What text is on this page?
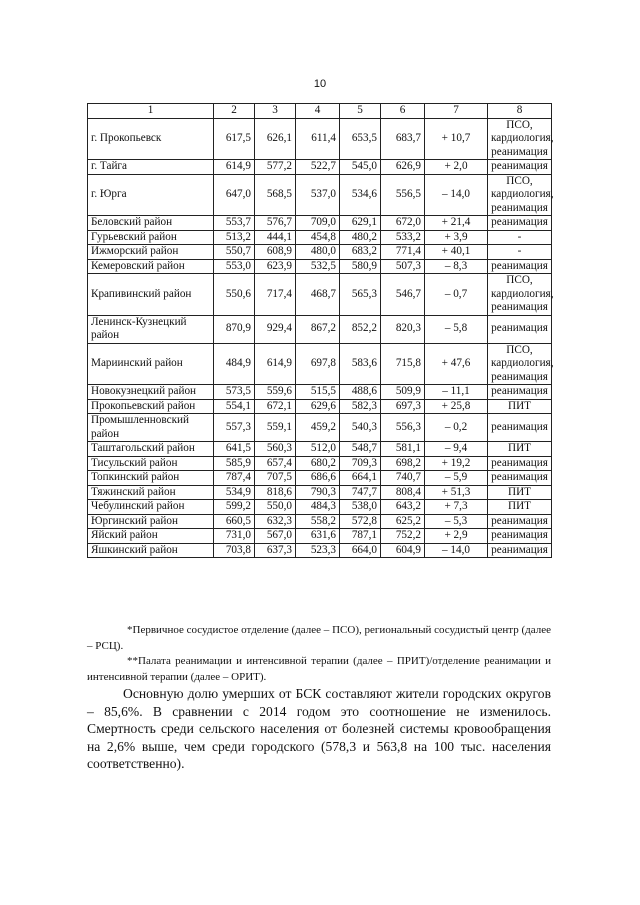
10
1	2	3	4	5	6	7	8
г. Прокопьевск	617,5	626,1	611,4	653,5	683,7	+ 10,7	ПСО, кардиология, реанимация
г. Тайга	614,9	577,2	522,7	545,0	626,9	+ 2,0	реанимация
г. Юрга	647,0	568,5	537,0	534,6	556,5	– 14,0	ПСО, кардиология, реанимация
Беловский район	553,7	576,7	709,0	629,1	672,0	+ 21,4	реанимация
Гурьевский район	513,2	444,1	454,8	480,2	533,2	+ 3,9	-
Ижморский район	550,7	608,9	480,0	683,2	771,4	+ 40,1	-
Кемеровский район	553,0	623,9	532,5	580,9	507,3	– 8,3	реанимация
Крапивинский район	550,6	717,4	468,7	565,3	546,7	– 0,7	ПСО, кардиология, реанимация
Ленинск-Кузнецкий район	870,9	929,4	867,2	852,2	820,3	– 5,8	реанимация
Мариинский район	484,9	614,9	697,8	583,6	715,8	+ 47,6	ПСО, кардиология, реанимация
Новокузнецкий район	573,5	559,6	515,5	488,6	509,9	– 11,1	реанимация
Прокопьевский район	554,1	672,1	629,6	582,3	697,3	+ 25,8	ПИТ
Промышленновский район	557,3	559,1	459,2	540,3	556,3	– 0,2	реанимация
Таштагольский район	641,5	560,3	512,0	548,7	581,1	– 9,4	ПИТ
Тисульский район	585,9	657,4	680,2	709,3	698,2	+ 19,2	реанимация
Топкинский район	787,4	707,5	686,6	664,1	740,7	– 5,9	реанимация
Тяжинский район	534,9	818,6	790,3	747,7	808,4	+ 51,3	ПИТ
Чебулинский район	599,2	550,0	484,3	538,0	643,2	+ 7,3	ПИТ
Юргинский район	660,5	632,3	558,2	572,8	625,2	– 5,3	реанимация
Яйский район	731,0	567,0	631,6	787,1	752,2	+ 2,9	реанимация
Яшкинский район	703,8	637,3	523,3	664,0	604,9	– 14,0	реанимация

*Первичное сосудистое отделение (далее – ПСО), региональный сосудистый центр (далее – РСЦ).

**Палата реанимации и интенсивной терапии (далее – ПРИТ)/отделение реанимации и интенсивной терапии (далее – ОРИТ).

Основную долю умерших от БСК составляют жители городских округов – 85,6%. В сравнении с 2014 годом это соотношение не изменилось. Смертность среди сельского населения от болезней системы кровообращения на 2,6% выше, чем среди городского (578,3 и 563,8 на 100 тыс. населения соответственно).
